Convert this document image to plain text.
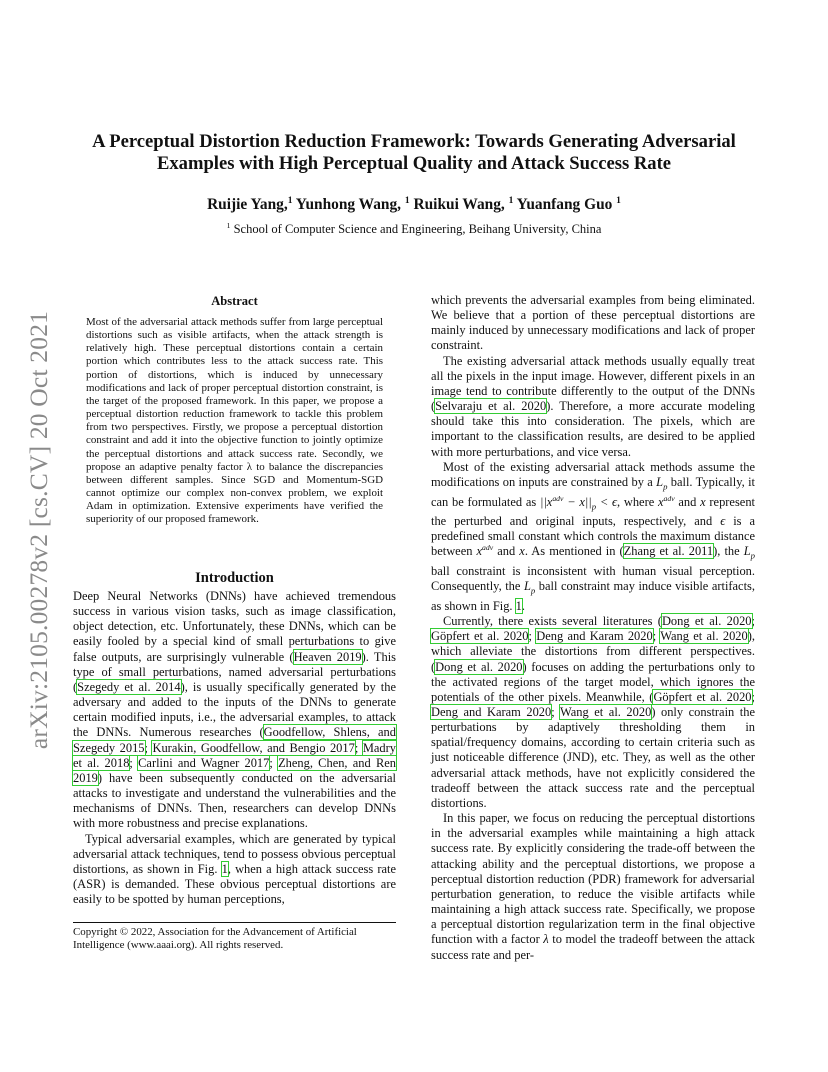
arXiv:2105.00278v2 [cs.CV] 20 Oct 2021
A Perceptual Distortion Reduction Framework: Towards Generating Adversarial Examples with High Perceptual Quality and Attack Success Rate
Ruijie Yang,$^1$ Yunhong Wang, $^1$ Ruikui Wang, $^1$ Yuanfang Guo $^1$
$^1$ School of Computer Science and Engineering, Beihang University, China
Abstract

Most of the adversarial attack methods suffer from large perceptual distortions such as visible artifacts, when the attack strength is relatively high. These perceptual distortions contain a certain portion which contributes less to the attack success rate. This portion of distortions, which is induced by unnecessary modifications and lack of proper perceptual distortion constraint, is the target of the proposed framework. In this paper, we propose a perceptual distortion reduction framework to tackle this problem from two perspectives. Firstly, we propose a perceptual distortion constraint and add it into the objective function to jointly optimize the perceptual distortions and attack success rate. Secondly, we propose an adaptive penalty factor λ to balance the discrepancies between different samples. Since SGD and Momentum-SGD cannot optimize our complex non-convex problem, we exploit Adam in optimization. Extensive experiments have verified the superiority of our proposed framework.

Introduction

Deep Neural Networks (DNNs) have achieved tremendous success in various vision tasks, such as image classification, object detection, etc. Unfortunately, these DNNs, which can be easily fooled by a special kind of small perturbations to give false outputs, are surprisingly vulnerable (Heaven 2019). This type of small perturbations, named adversarial perturbations (Szegedy et al. 2014), is usually specifically generated by the adversary and added to the inputs of the DNNs to generate certain modified inputs, i.e., the adversarial examples, to attack the DNNs. Numerous researches (Goodfellow, Shlens, and Szegedy 2015; Kurakin, Goodfellow, and Bengio 2017; Madry et al. 2018; Carlini and Wagner 2017; Zheng, Chen, and Ren 2019) have been subsequently conducted on the adversarial attacks to investigate and understand the vulnerabilities and the mechanisms of DNNs. Then, researchers can develop DNNs with more robustness and precise explanations.

Typical adversarial examples, which are generated by typical adversarial attack techniques, tend to possess obvious perceptual distortions, as shown in Fig. 1, when a high attack success rate (ASR) is demanded. These obvious perceptual distortions are easily to be spotted by human perceptions,

Copyright © 2022, Association for the Advancement of Artificial Intelligence (www.aaai.org). All rights reserved.

which prevents the adversarial examples from being eliminated. We believe that a portion of these perceptual distortions are mainly induced by unnecessary modifications and lack of proper constraint.

The existing adversarial attack methods usually equally treat all the pixels in the input image. However, different pixels in an image tend to contribute differently to the output of the DNNs (Selvaraju et al. 2020). Therefore, a more accurate modeling should take this into consideration. The pixels, which are important to the classification results, are desired to be applied with more perturbations, and vice versa.

Most of the existing adversarial attack methods assume the modifications on inputs are constrained by a $L_p$ ball. Typically, it can be formulated as $||x^{adv} - x||_p < \epsilon$, where $x^{adv}$ and x represent the perturbed and original inputs, respectively, and ϵ is a predefined small constant which controls the maximum distance between $x^{adv}$ and x. As mentioned in (Zhang et al. 2011), the $L_p$ ball constraint is inconsistent with human visual perception. Consequently, the $L_p$ ball constraint may induce visible artifacts, as shown in Fig. 1.

Currently, there exists several literatures (Dong et al. 2020; Göpfert et al. 2020; Deng and Karam 2020; Wang et al. 2020), which alleviate the distortions from different perspectives. (Dong et al. 2020) focuses on adding the perturbations only to the activated regions of the target model, which ignores the potentials of the other pixels. Meanwhile, (Göpfert et al. 2020; Deng and Karam 2020; Wang et al. 2020) only constrain the perturbations by adaptively thresholding them in spatial/frequency domains, according to certain criteria such as just noticeable difference (JND), etc. They, as well as the other adversarial attack methods, have not explicitly considered the tradeoff between the attack success rate and the perceptual distortions.

In this paper, we focus on reducing the perceptual distortions in the adversarial examples while maintaining a high attack success rate. By explicitly considering the trade-off between the attacking ability and the perceptual distortions, we propose a perceptual distortion reduction (PDR) framework for adversarial perturbation generation, to reduce the visible artifacts while maintaining a high attack success rate. Specifically, we propose a perceptual distortion regularization term in the final objective function with a factor λ to model the tradeoff between the attack success rate and per-
